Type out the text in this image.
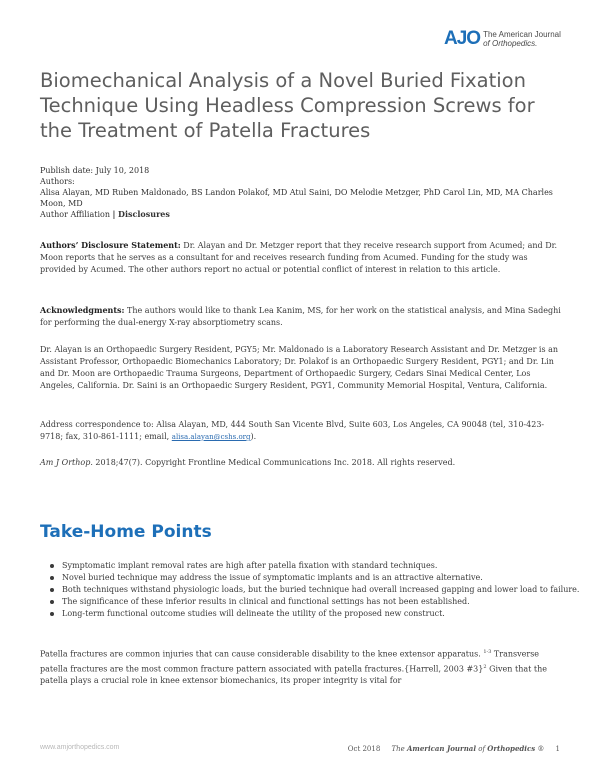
AJO The American Journal
of Orthopedics.
Biomechanical Analysis of a Novel Buried Fixation Technique Using Headless Compression Screws for the Treatment of Patella Fractures
Publish date: July 10, 2018
Authors:
Alisa Alayan, MD Ruben Maldonado, BS Landon Polakof, MD Atul Saini, DO Melodie Metzger, PhD Carol Lin, MD, MA Charles Moon, MD
Author Affiliation | Disclosures

Authors’ Disclosure Statement: Dr. Alayan and Dr. Metzger report that they receive research support from Acumed; and Dr. Moon reports that he serves as a consultant for and receives research funding from Acumed. Funding for the study was provided by Acumed. The other authors report no actual or potential conflict of interest in relation to this article.

Acknowledgments: The authors would like to thank Lea Kanim, MS, for her work on the statistical analysis, and Mina Sadeghi for performing the dual-energy X-ray absorptiometry scans.

Dr. Alayan is an Orthopaedic Surgery Resident, PGY5; Mr. Maldonado is a Laboratory Research Assistant and Dr. Metzger is an Assistant Professor, Orthopaedic Biomechanics Laboratory; Dr. Polakof is an Orthopaedic Surgery Resident, PGY1; and Dr. Lin and Dr. Moon are Orthopaedic Trauma Surgeons, Department of Orthopaedic Surgery, Cedars Sinai Medical Center, Los Angeles, California. Dr. Saini is an Orthopaedic Surgery Resident, PGY1, Community Memorial Hospital, Ventura, California.

Address correspondence to: Alisa Alayan, MD, 444 South San Vicente Blvd, Suite 603, Los Angeles, CA 90048 (tel, 310-423-9718; fax, 310-861-1111; email, alisa.alayan@cshs.org).

Am J Orthop. 2018;47(7). Copyright Frontline Medical Communications Inc. 2018. All rights reserved.

Take-Home Points
Symptomatic implant removal rates are high after patella fixation with standard techniques.
Novel buried technique may address the issue of symptomatic implants and is an attractive alternative.
Both techniques withstand physiologic loads, but the buried technique had overall increased gapping and lower load to failure.
The significance of these inferior results in clinical and functional settings has not been established.
Long-term functional outcome studies will delineate the utility of the proposed new construct.

Patella fractures are common injuries that can cause considerable disability to the knee extensor apparatus. $^{1-3}$ Transverse patella fractures are the most common fracture pattern associated with patella fractures.{Harrell, 2003 #3}$^2$ Given that the patella plays a crucial role in knee extensor biomechanics, its proper integrity is vital for

www.amjorthopedics.com	Oct 2018 The American Journal of Orthopedics ® 1
